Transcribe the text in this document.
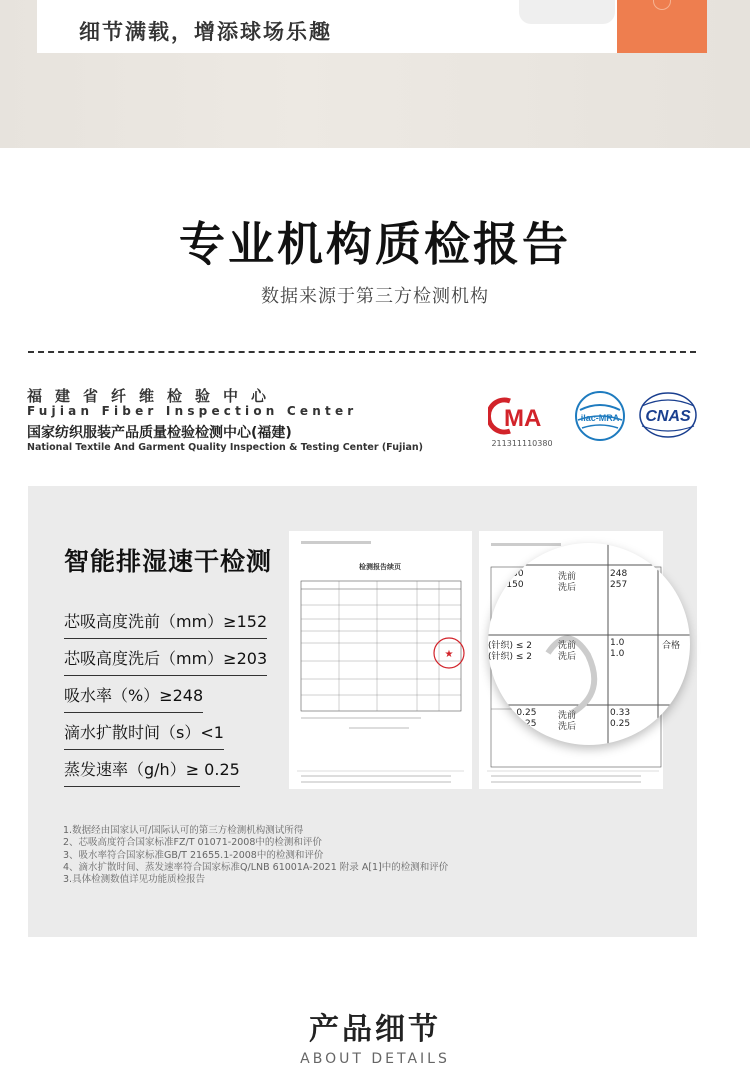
细节满载，增添球场乐趣
专业机构质检报告
数据来源于第三方检测机构
福建省纤维检验中心
Fujian Fiber Inspection Center
国家纺织服装产品质量检验检测中心(福建)
National Textile And Garment Quality Inspection & Testing Center (Fujian)
MA
211311110380
ilac-MRA CNAS
智能排湿速干检测
芯吸高度洗前（mm）≥152
芯吸高度洗后（mm）≥203
吸水率（%）≥248
滴水扩散时间（s）<1
蒸发速率（g/h）≥ 0.25
1.数据经由国家认可/国际认可的第三方检测机构测试所得
2、芯吸高度符合国家标准FZ/T 01071-2008中的检测和评价
3、吸水率符合国家标准GB/T 21655.1-2008中的检测和评价
4、滴水扩散时间、蒸发速率符合国家标准Q/LNB 61001A-2021 附录 A[1]中的检测和评价
3.具体检测数值详见功能质检报告
检测报告续页
★
≥ 150	洗前	248
≥ 150	洗后	257
(针织) ≤ 2	洗前	1.0	合格
(针织) ≤ 2	洗后	1.0
≥ 0.25 洗前	0.33
≥ 0.25 洗后	0.25
产品细节
ABOUT DETAILS
